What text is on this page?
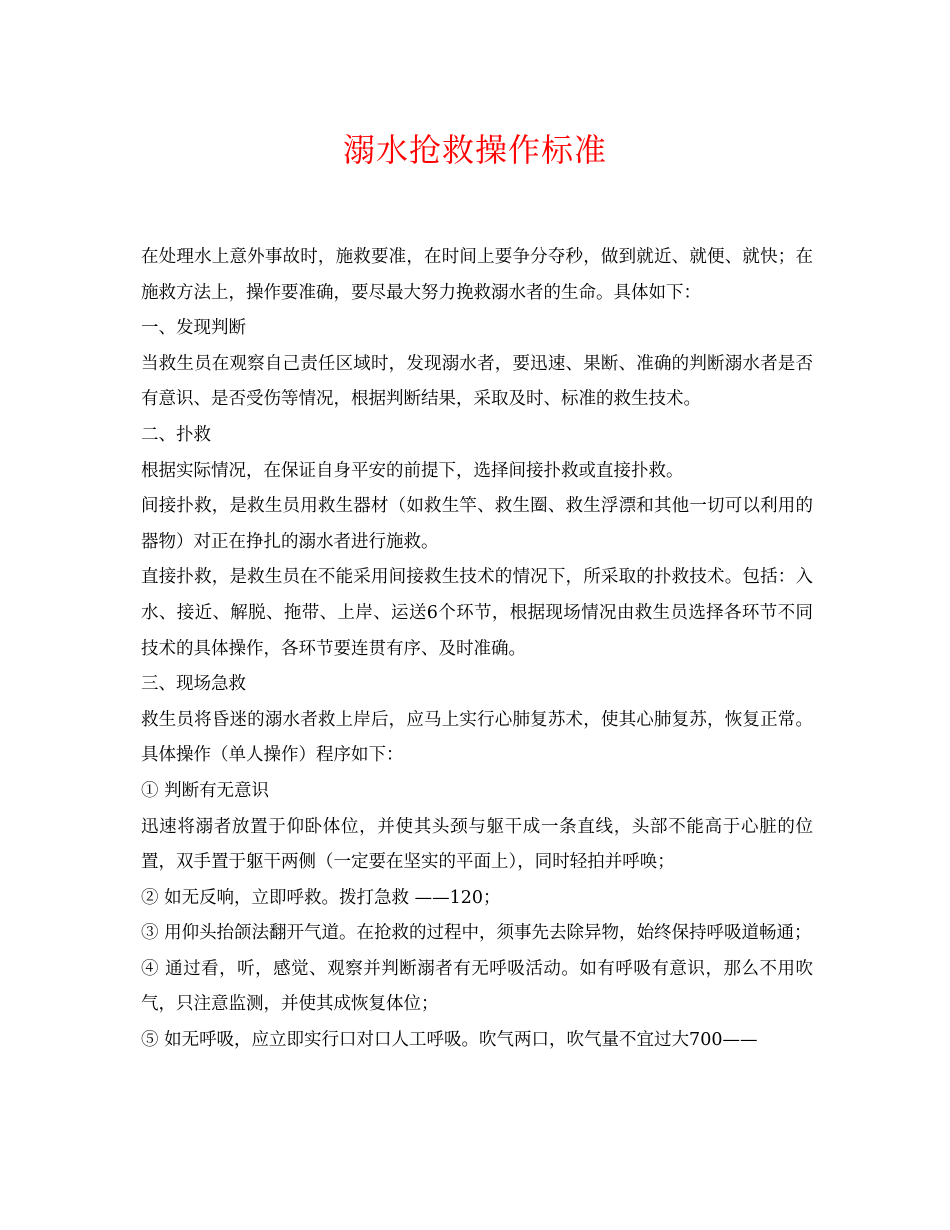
溺水抢救操作标准

在处理水上意外事故时，施救要准，在时间上要争分夺秒，做到就近、就便、就快；在施救方法上，操作要准确，要尽最大努力挽救溺水者的生命。具体如下：

一、发现判断

当救生员在观察自己责任区域时，发现溺水者，要迅速、果断、准确的判断溺水者是否有意识、是否受伤等情况，根据判断结果，采取及时、标准的救生技术。

二、扑救

根据实际情况，在保证自身平安的前提下，选择间接扑救或直接扑救。

间接扑救，是救生员用救生器材（如救生竿、救生圈、救生浮漂和其他一切可以利用的器物）对正在挣扎的溺水者进行施救。

直接扑救，是救生员在不能采用间接救生技术的情况下，所采取的扑救技术。包括：入水、接近、解脱、拖带、上岸、运送6个环节，根据现场情况由救生员选择各环节不同技术的具体操作，各环节要连贯有序、及时准确。

三、现场急救

救生员将昏迷的溺水者救上岸后，应马上实行心肺复苏术，使其心肺复苏，恢复正常。具体操作（单人操作）程序如下：

① 判断有无意识

迅速将溺者放置于仰卧体位，并使其头颈与躯干成一条直线，头部不能高于心脏的位置，双手置于躯干两侧（一定要在坚实的平面上），同时轻拍并呼唤；

② 如无反响，立即呼救。拨打急救 ——120；

③ 用仰头抬颌法翻开气道。在抢救的过程中，须事先去除异物，始终保持呼吸道畅通；

④ 通过看，听，感觉、观察并判断溺者有无呼吸活动。如有呼吸有意识，那么不用吹气，只注意监测，并使其成恢复体位；

⑤ 如无呼吸，应立即实行口对口人工呼吸。吹气两口，吹气量不宜过大700——
